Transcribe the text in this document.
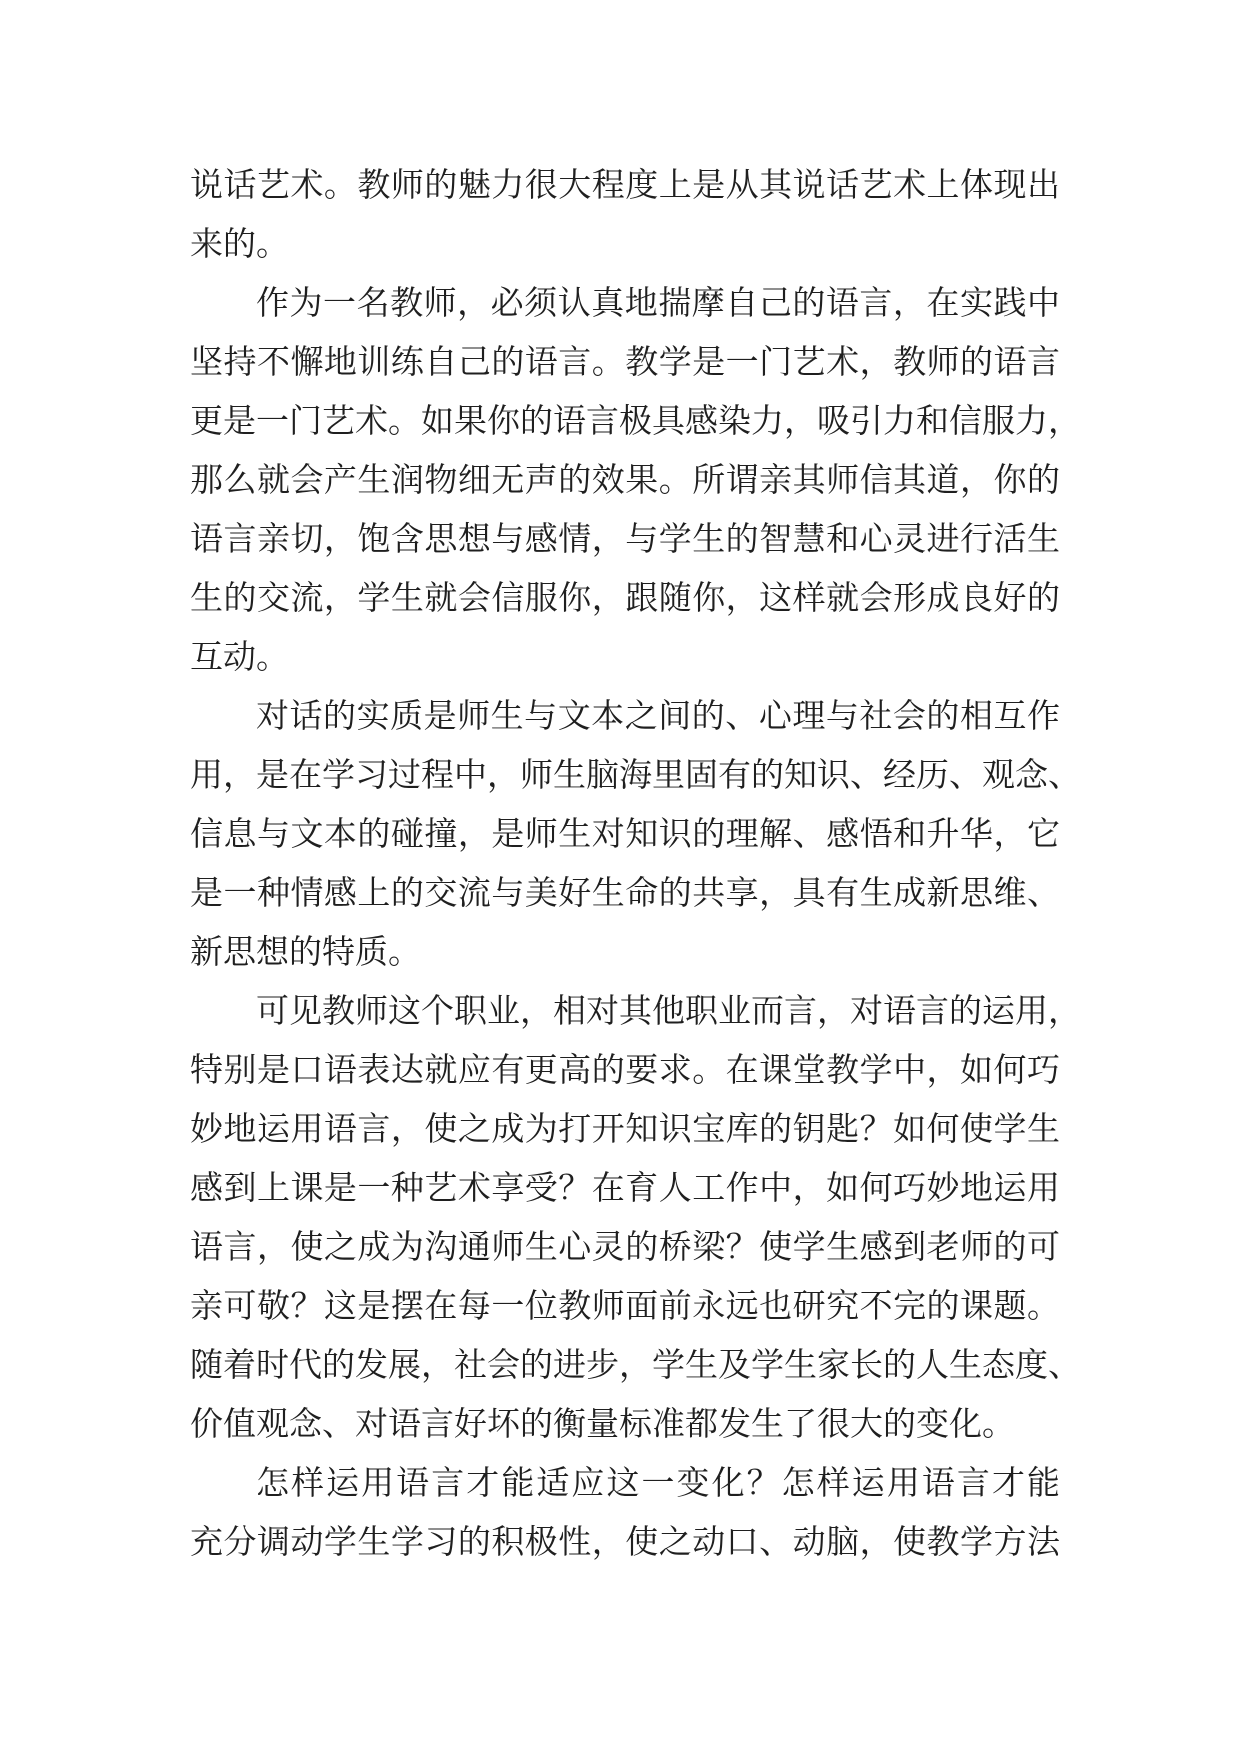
说话艺术。教师的魅力很大程度上是从其说话艺术上体现出
来的。
作为一名教师，必须认真地揣摩自己的语言，在实践中
坚持不懈地训练自己的语言。教学是一门艺术，教师的语言
更是一门艺术。如果你的语言极具感染力，吸引力和信服力，
那么就会产生润物细无声的效果。所谓亲其师信其道，你的
语言亲切，饱含思想与感情，与学生的智慧和心灵进行活生
生的交流，学生就会信服你，跟随你，这样就会形成良好的
互动。
对话的实质是师生与文本之间的、心理与社会的相互作
用，是在学习过程中，师生脑海里固有的知识、经历、观念、
信息与文本的碰撞，是师生对知识的理解、感悟和升华，它
是一种情感上的交流与美好生命的共享，具有生成新思维、
新思想的特质。
可见教师这个职业，相对其他职业而言，对语言的运用，
特别是口语表达就应有更高的要求。在课堂教学中，如何巧
妙地运用语言，使之成为打开知识宝库的钥匙？如何使学生
感到上课是一种艺术享受？在育人工作中，如何巧妙地运用
语言，使之成为沟通师生心灵的桥梁？使学生感到老师的可
亲可敬？这是摆在每一位教师面前永远也研究不完的课题。
随着时代的发展，社会的进步，学生及学生家长的人生态度、
价值观念、对语言好坏的衡量标准都发生了很大的变化。
怎样运用语言才能适应这一变化？怎样运用语言才能
充分调动学生学习的积极性，使之动口、动脑，使教学方法
